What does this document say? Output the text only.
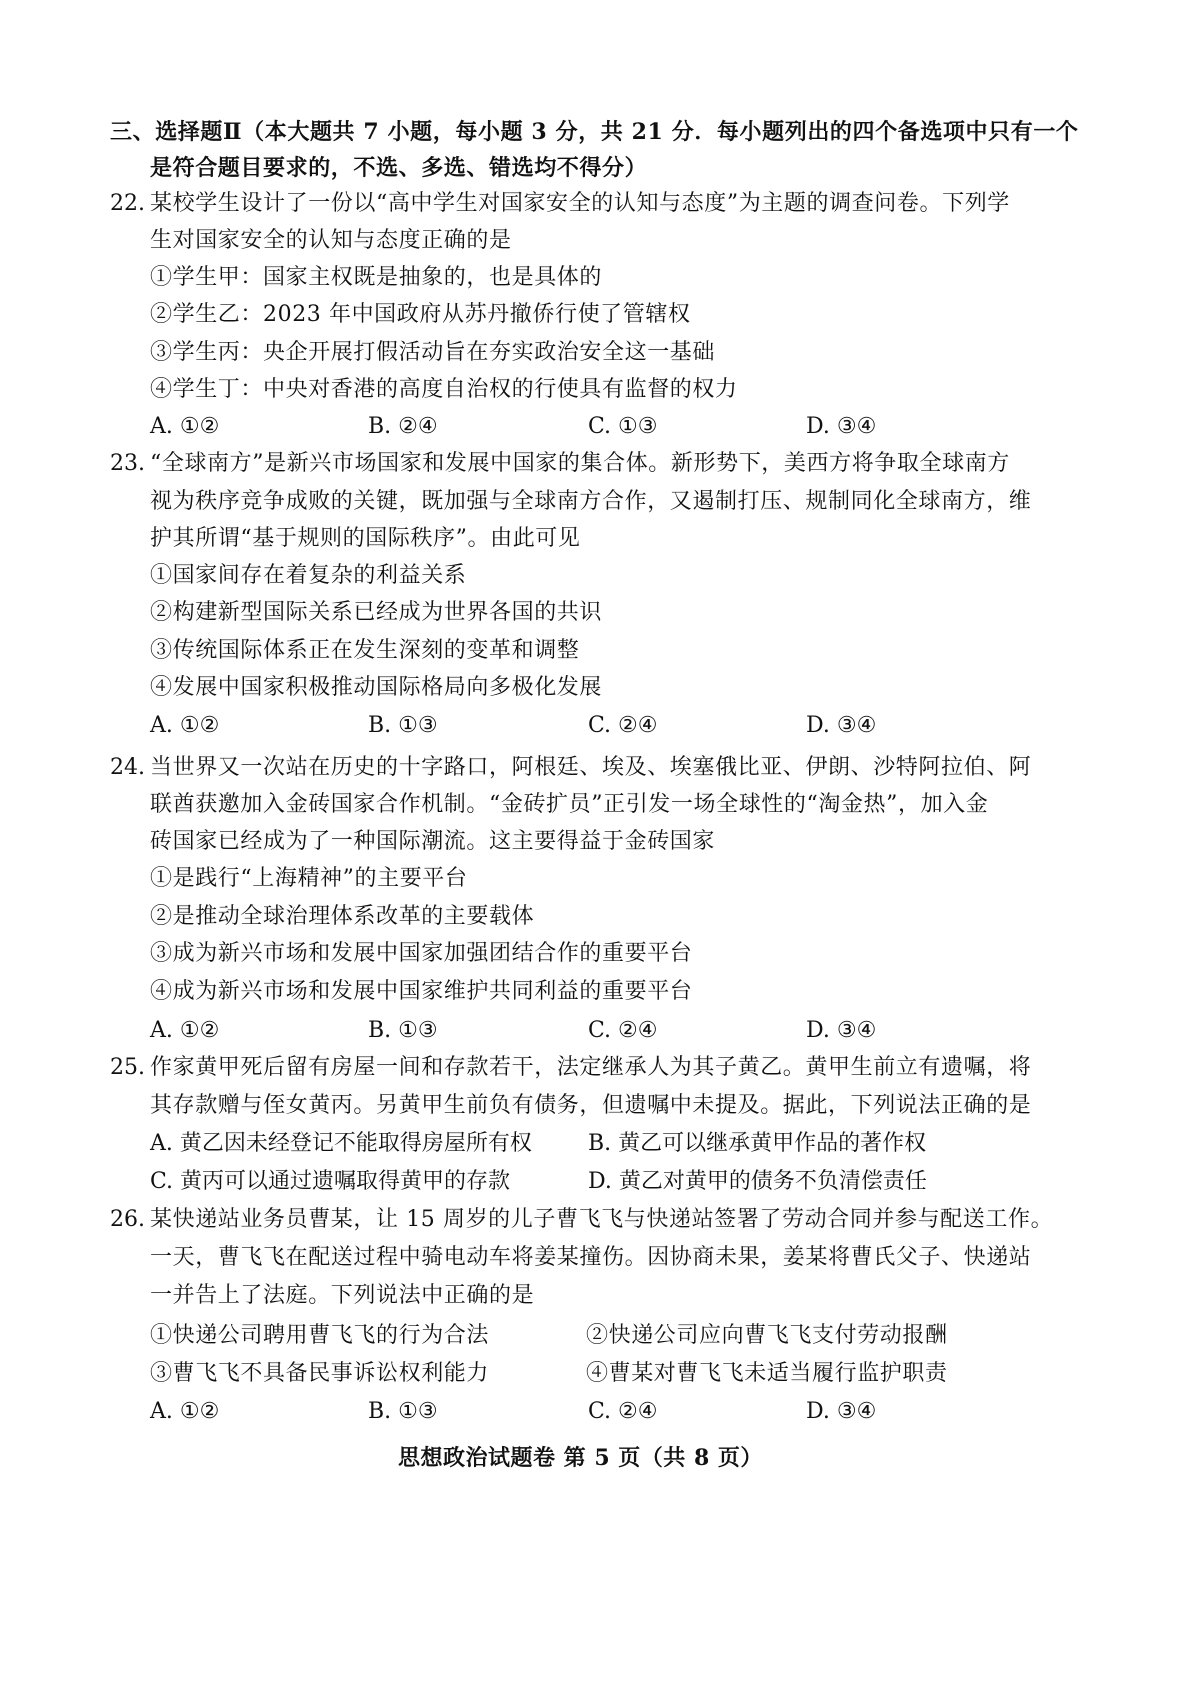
三、选择题Ⅱ（本大题共 7 小题，每小题 3 分，共 21 分．每小题列出的四个备选项中只有一个
是符合题目要求的，不选、多选、错选均不得分）
22. 某校学生设计了一份以“高中学生对国家安全的认知与态度”为主题的调查问卷。下列学
生对国家安全的认知与态度正确的是
①学生甲：国家主权既是抽象的，也是具体的
②学生乙：2023 年中国政府从苏丹撤侨行使了管辖权
③学生丙：央企开展打假活动旨在夯实政治安全这一基础
④学生丁：中央对香港的高度自治权的行使具有监督的权力
A. ①②	B. ②④	C. ①③	D. ③④
23. “全球南方”是新兴市场国家和发展中国家的集合体。新形势下，美西方将争取全球南方
视为秩序竞争成败的关键，既加强与全球南方合作，又遏制打压、规制同化全球南方，维
护其所谓“基于规则的国际秩序”。由此可见
①国家间存在着复杂的利益关系
②构建新型国际关系已经成为世界各国的共识
③传统国际体系正在发生深刻的变革和调整
④发展中国家积极推动国际格局向多极化发展
A. ①②	B. ①③	C. ②④	D. ③④
24. 当世界又一次站在历史的十字路口，阿根廷、埃及、埃塞俄比亚、伊朗、沙特阿拉伯、阿
联酋获邀加入金砖国家合作机制。“金砖扩员”正引发一场全球性的“淘金热”，加入金
砖国家已经成为了一种国际潮流。这主要得益于金砖国家
①是践行“上海精神”的主要平台
②是推动全球治理体系改革的主要载体
③成为新兴市场和发展中国家加强团结合作的重要平台
④成为新兴市场和发展中国家维护共同利益的重要平台
A. ①②	B. ①③	C. ②④	D. ③④
25. 作家黄甲死后留有房屋一间和存款若干，法定继承人为其子黄乙。黄甲生前立有遗嘱，将
其存款赠与侄女黄丙。另黄甲生前负有债务，但遗嘱中未提及。据此，下列说法正确的是
A. 黄乙因未经登记不能取得房屋所有权	B. 黄乙可以继承黄甲作品的著作权
C. 黄丙可以通过遗嘱取得黄甲的存款	D. 黄乙对黄甲的债务不负清偿责任
26. 某快递站业务员曹某，让 15 周岁的儿子曹飞飞与快递站签署了劳动合同并参与配送工作。
一天，曹飞飞在配送过程中骑电动车将姜某撞伤。因协商未果，姜某将曹氏父子、快递站
一并告上了法庭。下列说法中正确的是
①快递公司聘用曹飞飞的行为合法	②快递公司应向曹飞飞支付劳动报酬
③曹飞飞不具备民事诉讼权利能力	④曹某对曹飞飞未适当履行监护职责
A. ①②	B. ①③	C. ②④	D. ③④
思想政治试题卷 第 5 页（共 8 页）
